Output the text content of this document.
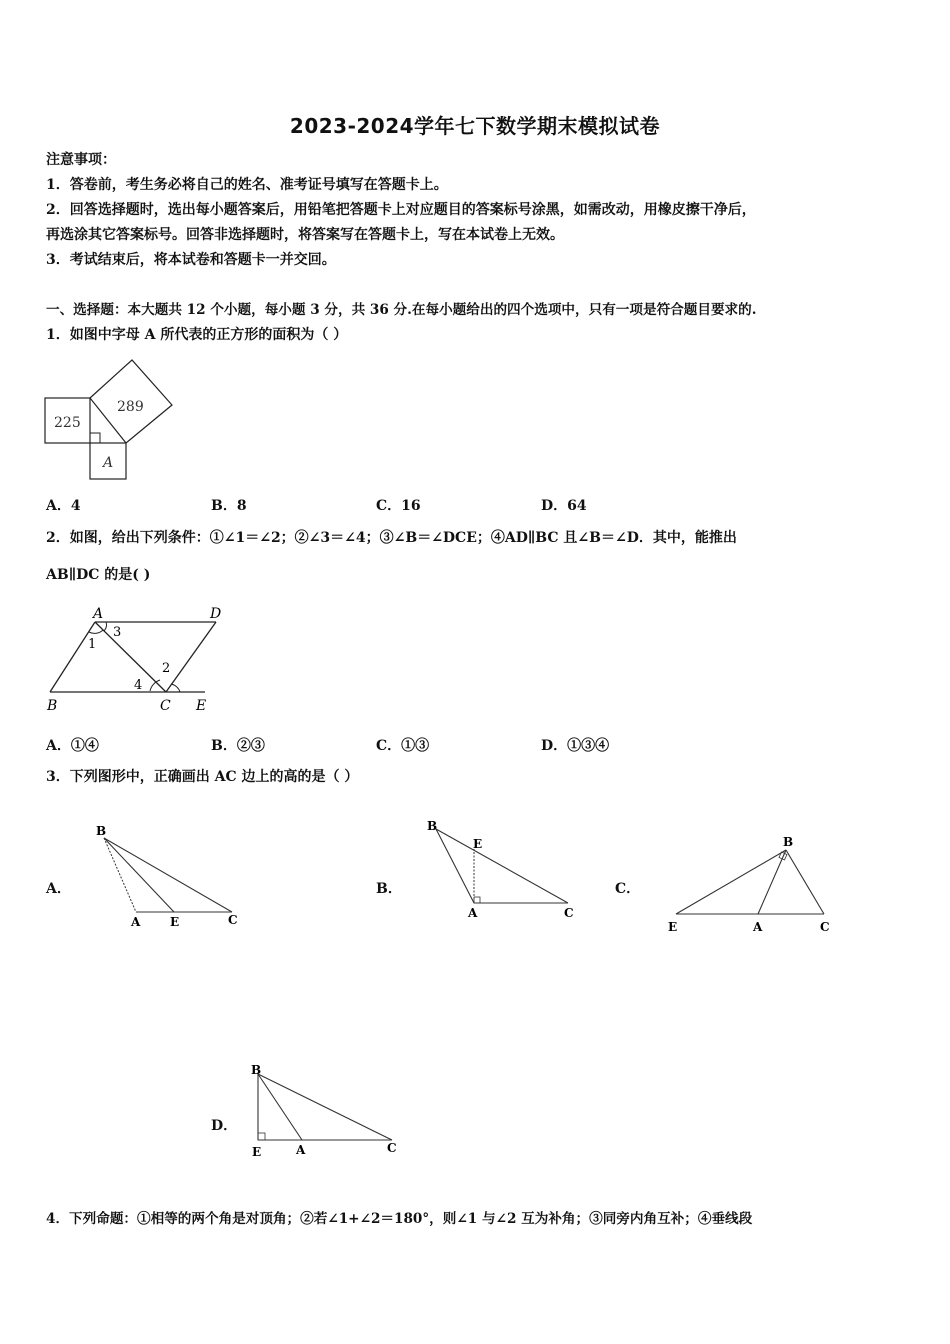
2023-2024学年七下数学期末模拟试卷
注意事项：
1．答卷前，考生务必将自己的姓名、准考证号填写在答题卡上。
2．回答选择题时，选出每小题答案后，用铅笔把答题卡上对应题目的答案标号涂黑，如需改动，用橡皮擦干净后，
再选涂其它答案标号。回答非选择题时，将答案写在答题卡上，写在本试卷上无效。
3．考试结束后，将本试卷和答题卡一并交回。
一、选择题：本大题共 12 个小题，每小题 3 分，共 36 分.在每小题给出的四个选项中，只有一项是符合题目要求的.
1．如图中字母 A 所代表的正方形的面积为（ ）
225
289
A
A．4	B．8	C．16	D．64
2．如图，给出下列条件：①∠1＝∠2；②∠3＝∠4；③∠B＝∠DCE；④AD∥BC 且∠B＝∠D．其中，能推出
AB∥DC 的是( )
A	D
B	C E
1
3
2
4
A．①④	B．②③	C．①③	D．①③④
3．下列图形中，正确画出 AC 边上的高的是（ ）
A．
B
A E	C
B．
B
E
A	C
C．
B
E	A	C
D．
B
E	A	C
4．下列命题：①相等的两个角是对顶角；②若∠1+∠2＝180°，则∠1 与∠2 互为补角；③同旁内角互补；④垂线段
